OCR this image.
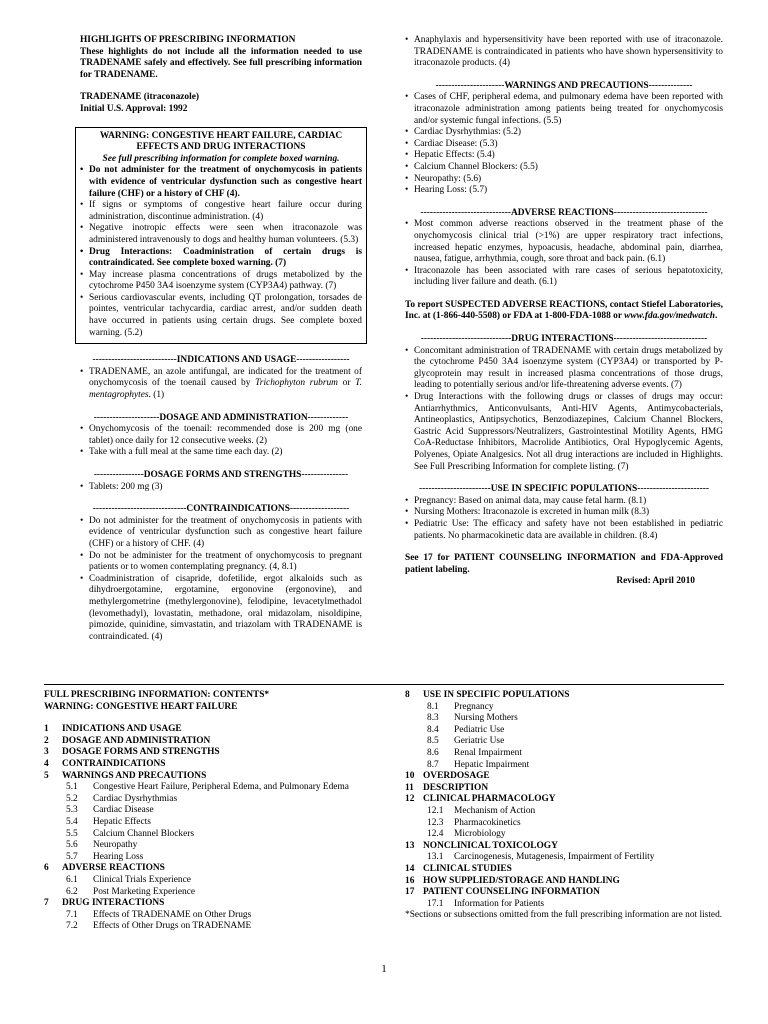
HIGHLIGHTS OF PRESCRIBING INFORMATION

These highlights do not include all the information needed to use TRADENAME safely and effectively. See full prescribing information for TRADENAME.

TRADENAME (itraconazole)

Initial U.S. Approval: 1992

WARNING: CONGESTIVE HEART FAILURE, CARDIAC EFFECTS AND DRUG INTERACTIONS

See full prescribing information for complete boxed warning.

• Do not administer for the treatment of onychomycosis in patients with evidence of ventricular dysfunction such as congestive heart failure (CHF) or a history of CHF (4).
• If signs or symptoms of congestive heart failure occur during administration, discontinue administration. (4)
• Negative inotropic effects were seen when itraconazole was administered intravenously to dogs and healthy human volunteers. (5.3)
• Drug Interactions: Coadministration of certain drugs is contraindicated. See complete boxed warning. (7)
• May increase plasma concentrations of drugs metabolized by the cytochrome P450 3A4 isoenzyme system (CYP3A4) pathway. (7)
• Serious cardiovascular events, including QT prolongation, torsades de pointes, ventricular tachycardia, cardiac arrest, and/or sudden death have occurred in patients using certain drugs. See complete boxed warning. (5.2)

---------------------------INDICATIONS AND USAGE-----------------

• TRADENAME, an azole antifungal, are indicated for the treatment of onychomycosis of the toenail caused by Trichophyton rubrum or T. mentagrophytes. (1)

---------------------DOSAGE AND ADMINISTRATION-------------

• Onychomycosis of the toenail: recommended dose is 200 mg (one tablet) once daily for 12 consecutive weeks. (2)
• Take with a full meal at the same time each day. (2)

----------------DOSAGE FORMS AND STRENGTHS---------------

• Tablets: 200 mg (3)

------------------------------CONTRAINDICATIONS-------------------

• Do not administer for the treatment of onychomycosis in patients with evidence of ventricular dysfunction such as congestive heart failure (CHF) or a history of CHF. (4)
• Do not be administer for the treatment of onychomycosis to pregnant patients or to women contemplating pregnancy. (4, 8.1)
• Coadministration of cisapride, dofetilide, ergot alkaloids such as dihydroergotamine, ergotamine, ergonovine (ergonovine), and methylergometrine (methylergonovine), felodipine, levacetylmethadol (levomethadyl), lovastatin, methadone, oral midazolam, nisoldipine, pimozide, quinidine, simvastatin, and triazolam with TRADENAME is contraindicated. (4)
• Anaphylaxis and hypersensitivity have been reported with use of itraconazole. TRADENAME is contraindicated in patients who have shown hypersensitivity to itraconazole products. (4)

----------------------WARNINGS AND PRECAUTIONS--------------

• Cases of CHF, peripheral edema, and pulmonary edema have been reported with itraconazole administration among patients being treated for onychomycosis and/or systemic fungal infections. (5.5)
• Cardiac Dysrhythmias: (5.2)
• Cardiac Disease: (5.3)
• Hepatic Effects: (5.4)
• Calcium Channel Blockers: (5.5)
• Neuropathy: (5.6)
• Hearing Loss: (5.7)

-----------------------------ADVERSE REACTIONS------------------------------

• Most common adverse reactions observed in the treatment phase of the onychomycosis clinical trial (>1%) are upper respiratory tract infections, increased hepatic enzymes, hypoacusis, headache, abdominal pain, diarrhea, nausea, fatigue, arrhythmia, cough, sore throat and back pain. (6.1)
• Itraconazole has been associated with rare cases of serious hepatotoxicity, including liver failure and death. (6.1)

To report SUSPECTED ADVERSE REACTIONS, contact Stiefel Laboratories, Inc. at (1-866-440-5508) or FDA at 1-800-FDA-1088 or www.fda.gov/medwatch.

-----------------------------DRUG INTERACTIONS------------------------------

• Concomitant administration of TRADENAME with certain drugs metabolized by the cytochrome P450 3A4 isoenzyme system (CYP3A4) or transported by P-glycoprotein may result in increased plasma concentrations of those drugs, leading to potentially serious and/or life-threatening adverse events. (7)
• Drug Interactions with the following drugs or classes of drugs may occur: Antiarrhythmics, Anticonvulsants, Anti-HIV Agents, Antimycobacterials, Antineoplastics, Antipsychotics, Benzodiazepines, Calcium Channel Blockers, Gastric Acid Suppressors/Neutralizers, Gastrointestinal Motility Agents, HMG CoA-Reductase Inhibitors, Macrolide Antibiotics, Oral Hypoglycemic Agents, Polyenes, Opiate Analgesics. Not all drug interactions are included in Highlights. See Full Prescribing Information for complete listing. (7)

-----------------------USE IN SPECIFIC POPULATIONS-----------------------

• Pregnancy: Based on animal data, may cause fetal harm. (8.1)
• Nursing Mothers: Itraconazole is excreted in human milk (8.3)
• Pediatric Use: The efficacy and safety have not been established in pediatric patients. No pharmacokinetic data are available in children. (8.4)

See 17 for PATIENT COUNSELING INFORMATION and FDA-Approved patient labeling.

Revised: April 2010

FULL PRESCRIBING INFORMATION: CONTENTS*

WARNING: CONGESTIVE HEART FAILURE

1	INDICATIONS AND USAGE
2	DOSAGE AND ADMINISTRATION
3	DOSAGE FORMS AND STRENGTHS
4	CONTRAINDICATIONS
5	WARNINGS AND PRECAUTIONS
5.1	Congestive Heart Failure, Peripheral Edema, and Pulmonary Edema
5.2	Cardiac Dysrhythmias
5.3	Cardiac Disease
5.4	Hepatic Effects
5.5	Calcium Channel Blockers
5.6	Neuropathy
5.7	Hearing Loss
6	ADVERSE REACTIONS
6.1	Clinical Trials Experience
6.2	Post Marketing Experience
7	DRUG INTERACTIONS
7.1	Effects of TRADENAME on Other Drugs
7.2	Effects of Other Drugs on TRADENAME
8	USE IN SPECIFIC POPULATIONS
8.1	Pregnancy
8.3	Nursing Mothers
8.4	Pediatric Use
8.5	Geriatric Use
8.6	Renal Impairment
8.7	Hepatic Impairment
10 OVERDOSAGE
11 DESCRIPTION
12 CLINICAL PHARMACOLOGY
12.1	Mechanism of Action
12.3	Pharmacokinetics
12.4	Microbiology
13 NONCLINICAL TOXICOLOGY
13.1	Carcinogenesis, Mutagenesis, Impairment of Fertility
14 CLINICAL STUDIES
16 HOW SUPPLIED/STORAGE AND HANDLING
17 PATIENT COUNSELING INFORMATION
17.1	Information for Patients

*Sections or subsections omitted from the full prescribing information are not listed.

1
